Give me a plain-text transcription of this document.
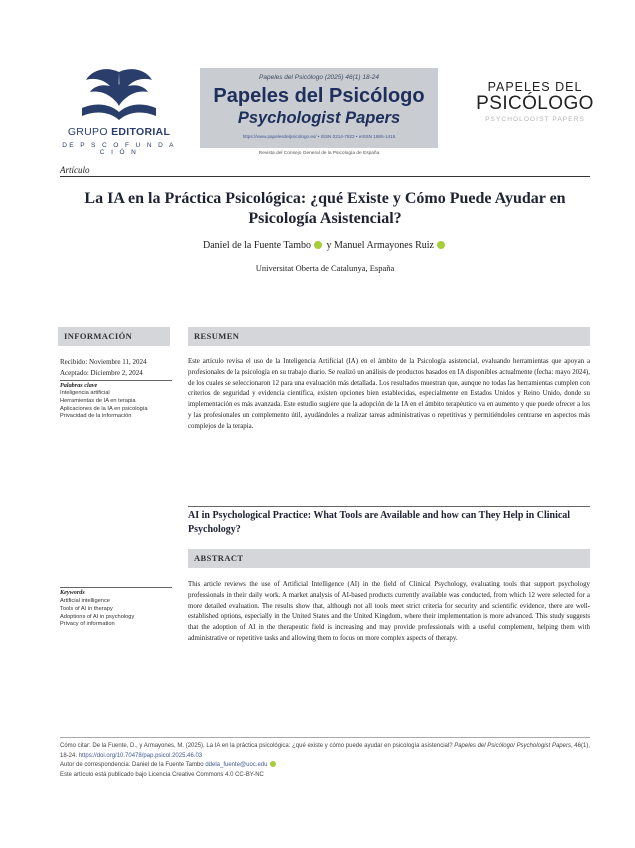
GRUPO EDITORIAL
DE P S C O F U N D A C I Ó N
Papeles del Psicólogo (2025) 46(1) 18-24
Papeles del Psicólogo
Psychologist Papers
https://www.papelesdelpsicologo.es/ • ISSN 0214-7823 • eISSN 1886-1415
Revista del Consejo General de la Psicología de España
PAPELES DEL
PSICÓLOGO
PSYCHOLOGIST PAPERS
Artículo
La IA en la Práctica Psicológica: ¿qué Existe y Cómo Puede Ayudar en Psicología Asistencial?
Daniel de la Fuente Tambo y Manuel Armayones Ruiz
Universitat Oberta de Catalunya, España
INFORMACIÓN
Recibido: Noviembre 11, 2024
Aceptado: Diciembre 2, 2024
Palabras clave
Inteligencia artificial
Herramientas de IA en terapia
Aplicaciones de la IA en psicología
Privacidad de la información
Keywords
Artificial intelligence
Tools of AI in therapy
Adoptions of AI in psychology
Privacy of information
RESUMEN
Este artículo revisa el uso de la Inteligencia Artificial (IA) en el ámbito de la Psicología asistencial, evaluando herramientas que apoyan a profesionales de la psicología en su trabajo diario. Se realizó un análisis de productos basados en IA disponibles actualmente (fecha: mayo 2024), de los cuales se seleccionaron 12 para una evaluación más detallada. Los resultados muestran que, aunque no todas las herramientas cumplen con criterios de seguridad y evidencia científica, existen opciones bien establecidas, especialmente en Estados Unidos y Reino Unido, donde su implementación es más avanzada. Este estudio sugiere que la adopción de la IA en el ámbito terapéutico va en aumento y que puede ofrecer a los y las profesionales un complemento útil, ayudándoles a realizar tareas administrativas o repetitivas y permitiéndoles centrarse en aspectos más complejos de la terapia.
AI in Psychological Practice: What Tools are Available and how can They Help in Clinical Psychology?
ABSTRACT
This article reviews the use of Artificial Intelligence (AI) in the field of Clinical Psychology, evaluating tools that support psychology professionals in their daily work. A market analysis of AI-based products currently available was conducted, from which 12 were selected for a more detailed evaluation. The results show that, although not all tools meet strict criteria for security and scientific evidence, there are well-established options, especially in the United States and the United Kingdom, where their implementation is more advanced. This study suggests that the adoption of AI in the therapeutic field is increasing and may provide professionals with a useful complement, helping them with administrative or repetitive tasks and allowing them to focus on more complex aspects of therapy.
Cómo citar: De la Fuente, D., y Armayones, M. (2025). La IA en la práctica psicológica: ¿qué existe y cómo puede ayudar en psicología asistencial? Papeles del Psicólogo/ Psychologist Papers, 46(1), 18-24. https://doi.org/10.70478/pap.psicol.2025.46.03
Autor de correspondencia: Daniel de la Fuente Tambo ddela_fuente@uoc.edu
Este artículo está publicado bajo Licencia Creative Commons 4.0 CC-BY-NC
